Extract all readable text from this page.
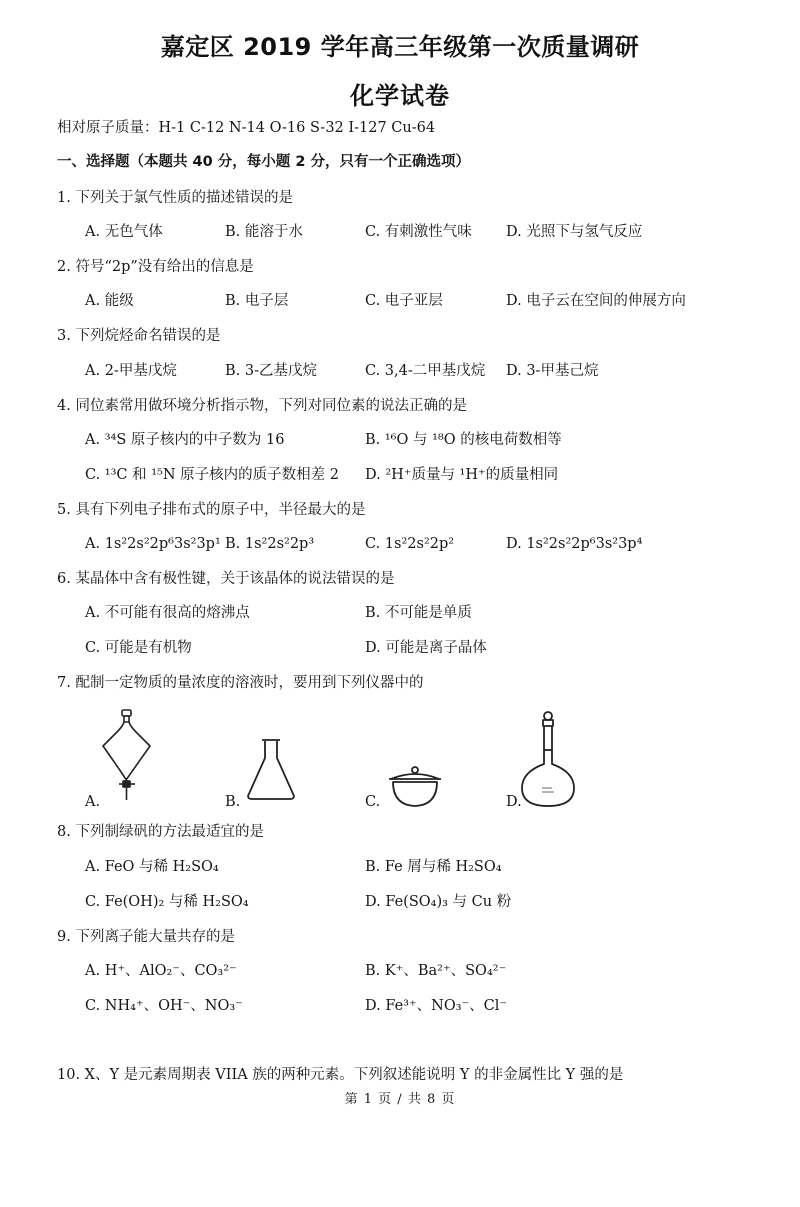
嘉定区 2019 学年高三年级第一次质量调研
化学试卷
相对原子质量：H-1 C-12 N-14 O-16 S-32 I-127 Cu-64
一、选择题（本题共 40 分，每小题 2 分，只有一个正确选项）
1. 下列关于氯气性质的描述错误的是
A. 无色气体	B. 能溶于水	C. 有刺激性气味 D. 光照下与氢气反应
2. 符号“2p”没有给出的信息是
A. 能级	B. 电子层	C. 电子亚层	D. 电子云在空间的伸展方向
3. 下列烷烃命名错误的是
A. 2-甲基戊烷	B. 3-乙基戊烷	C. 3,4-二甲基戊烷 D. 3-甲基己烷
4. 同位素常用做环境分析指示物，下列对同位素的说法正确的是
A. ³⁴S 原子核内的中子数为 16	B. ¹⁶O 与 ¹⁸O 的核电荷数相等
C. ¹³C 和 ¹⁵N 原子核内的质子数相差 2 D. ²H⁺质量与 ¹H⁺的质量相同
5. 具有下列电子排布式的原子中，半径最大的是
A. 1s²2s²2p⁶3s²3p¹ B. 1s²2s²2p³	C. 1s²2s²2p²	D. 1s²2s²2p⁶3s²3p⁴
6. 某晶体中含有极性键，关于该晶体的说法错误的是
A. 不可能有很高的熔沸点	B. 不可能是单质
C. 可能是有机物	D. 可能是离子晶体
7. 配制一定物质的量浓度的溶液时，要用到下列仪器中的
A.	B.	C.	D.
8. 下列制绿矾的方法最适宜的是
A. FeO 与稀 H₂SO₄	B. Fe 屑与稀 H₂SO₄
C. Fe(OH)₂ 与稀 H₂SO₄	D. Fe(SO₄)₃ 与 Cu 粉
9. 下列离子能大量共存的是
A. H⁺、AlO₂⁻、CO₃²⁻	B. K⁺、Ba²⁺、SO₄²⁻
C. NH₄⁺、OH⁻、NO₃⁻	D. Fe³⁺、NO₃⁻、Cl⁻
10. X、Y 是元素周期表 VIIA 族的两种元素。下列叙述能说明 Y 的非金属性比 Y 强的是
第 1 页 / 共 8 页
